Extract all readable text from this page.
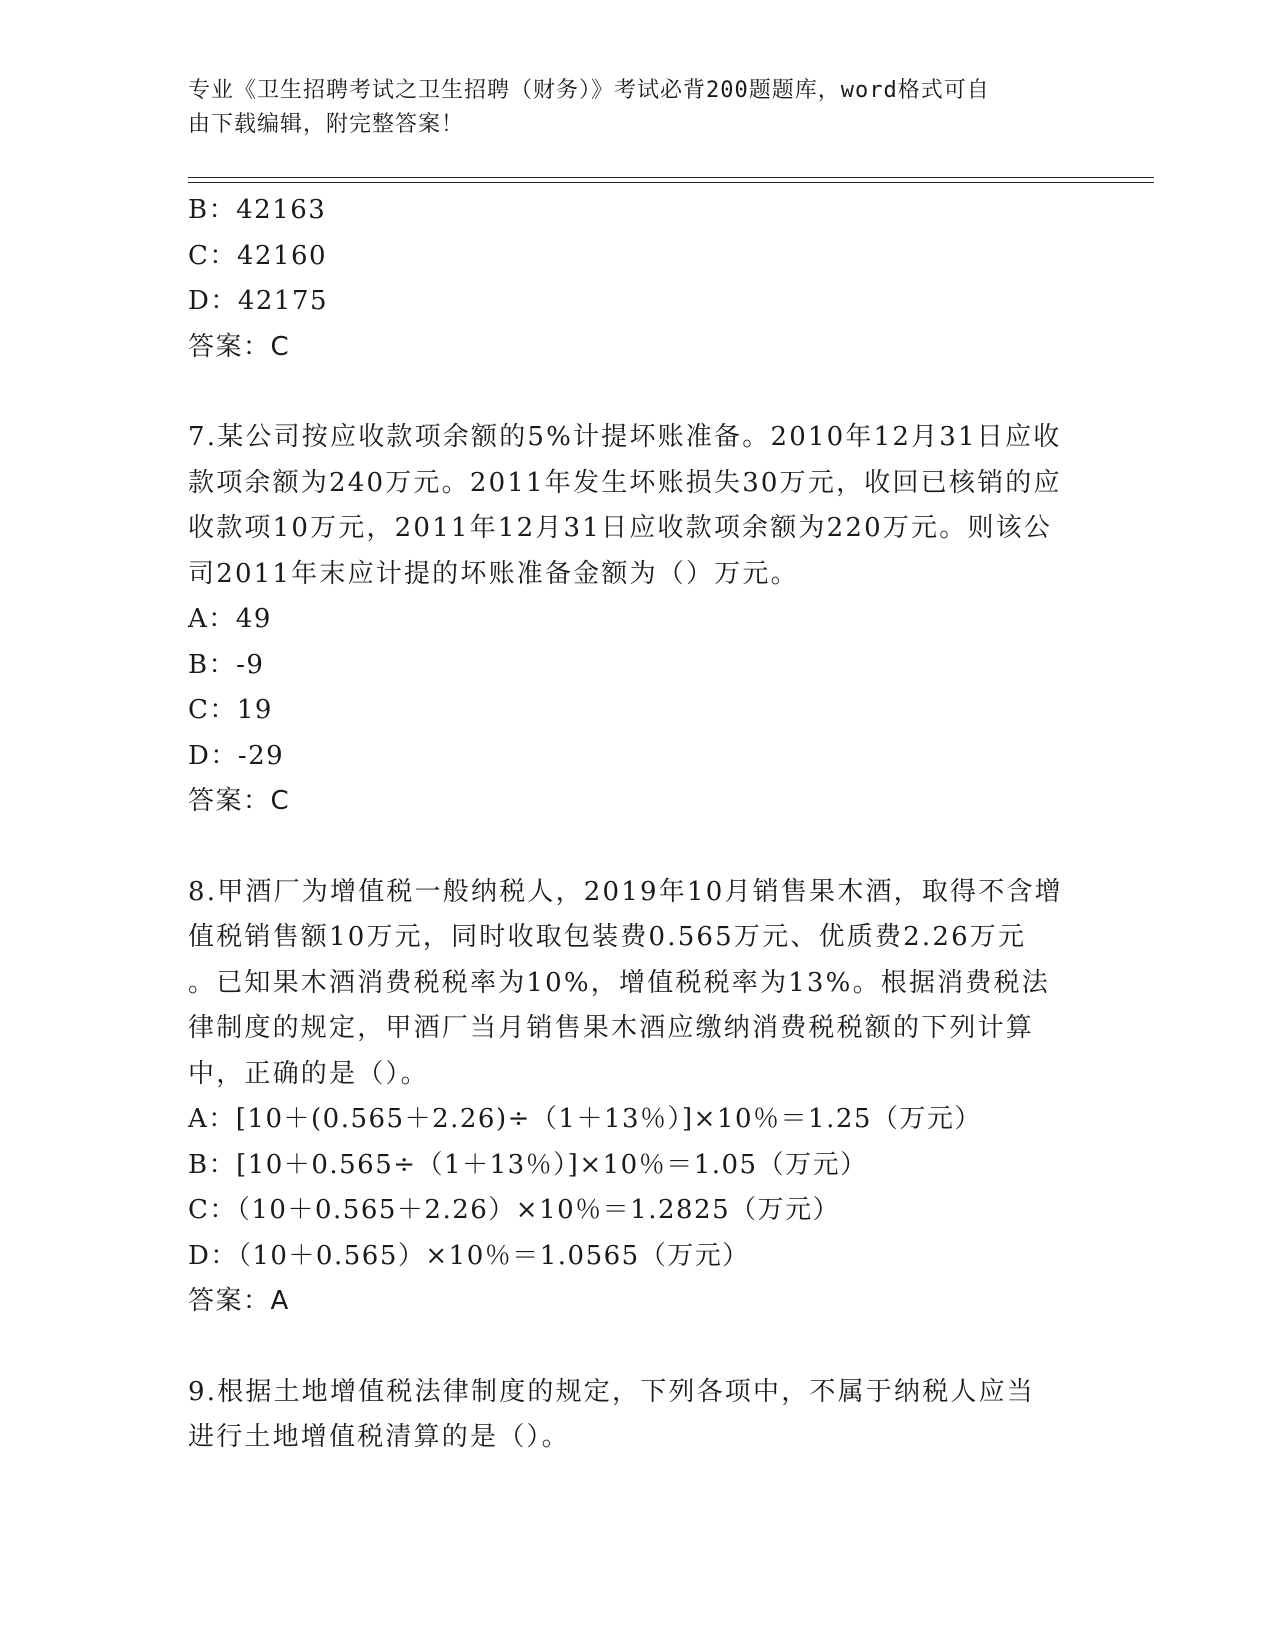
专业《卫生招聘考试之卫生招聘（财务）》考试必背200题题库，word格式可自
由下载编辑，附完整答案！
B：42163
C：42160
D：42175
答案：C
7.某公司按应收款项余额的5%计提坏账准备。2010年12月31日应收
款项余额为240万元。2011年发生坏账损失30万元，收回已核销的应
收款项10万元，2011年12月31日应收款项余额为220万元。则该公
司2011年末应计提的坏账准备金额为（）万元。
A：49
B：-9
C：19
D：-29
答案：C
8.甲酒厂为增值税一般纳税人，2019年10月销售果木酒，取得不含增
值税销售额10万元，同时收取包装费0.565万元、优质费2.26万元
。已知果木酒消费税税率为10%，增值税税率为13%。根据消费税法
律制度的规定，甲酒厂当月销售果木酒应缴纳消费税税额的下列计算
中，正确的是（）。
A：[10＋(0.565＋2.26)÷（1＋13％）]×10％＝1.25（万元）
B：[10＋0.565÷（1＋13％）]×10％＝1.05（万元）
C：（10＋0.565＋2.26）×10％＝1.2825（万元）
D：（10＋0.565）×10％＝1.0565（万元）
答案：A
9.根据土地增值税法律制度的规定，下列各项中，不属于纳税人应当
进行土地增值税清算的是（）。
